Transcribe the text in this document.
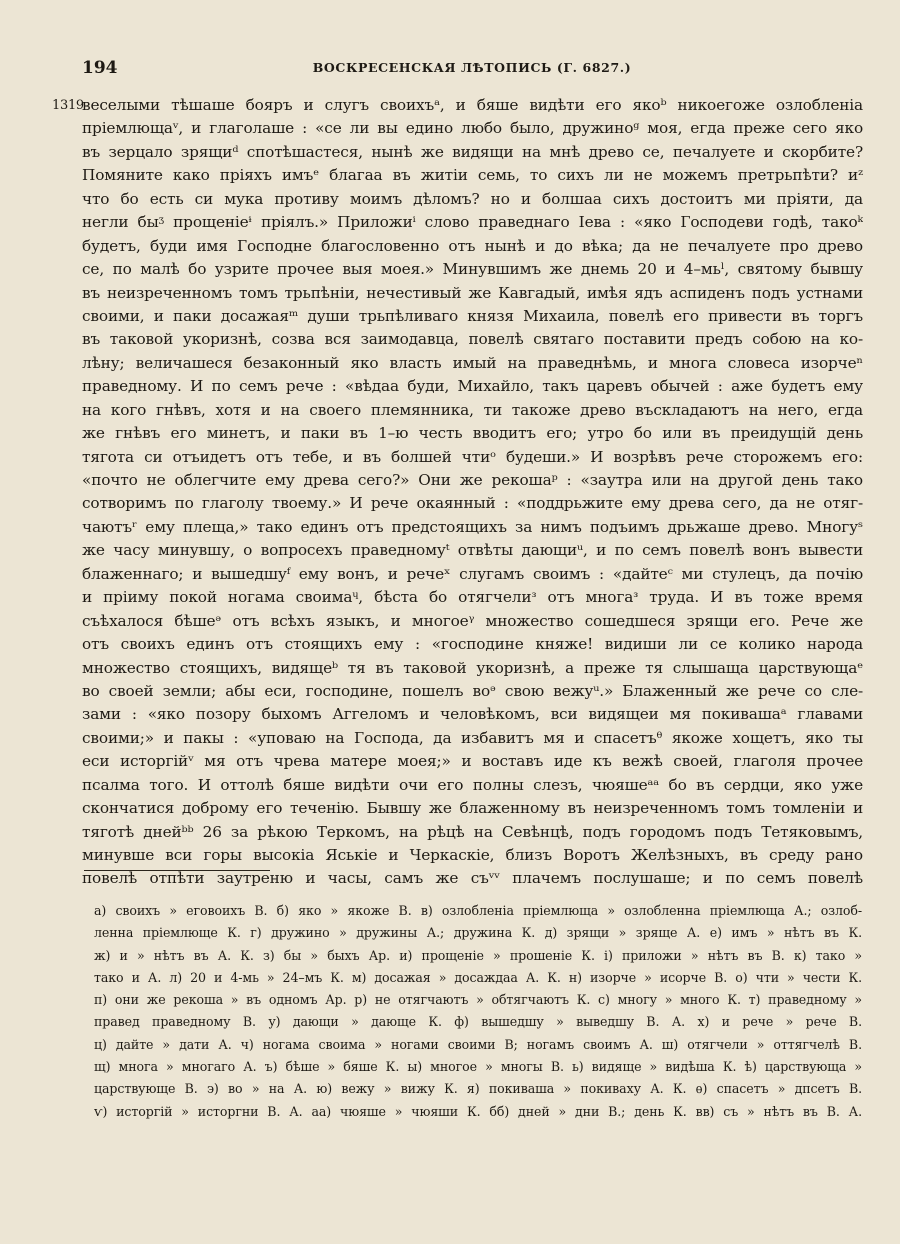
194	ВОСКРЕСЕНСКАЯ ЛѢТОПИСЬ (Г. 6827.)
1319
веселыми тѣшаше бояръ и слугъ своихъᵃ, и бяше видѣти его якоᵇ никоегоже озлобленіа
пріемлющаᵛ, и глаголаше : «се ли вы едино любо было, дружиноᵍ моя, егда преже сего яко
въ зерцало зрящиᵈ спотѣшастеся, нынѣ же видящи на мнѣ древо се, печалуете и скорбите?
Помяните како пріяхъ имъᵉ благаа въ житіи семь, то сихъ ли не можемъ претрьпѣти? иᶻ
что бо есть си мука противу моимъ дѣломъ? но и болшаа сихъ достоитъ ми пріяти, да
негли быᶾ прощеніеᶤ пріялъ.» Приложиⁱ слово праведнаго Іева : «яко Господеви годѣ, такоᵏ
будетъ, буди имя Господне благословенно отъ нынѣ и до вѣка; да не печалуете про древо
се, по малѣ бо узрите прочее выя моея.» Минувшимъ же днемь 20 и 4–мьˡ, святому бывшу
въ неизреченномъ томъ трьпѣніи, нечестивый же Кавгадый, имѣя ядъ аспиденъ подъ устнами
своими, и паки досажаяᵐ души трьпѣливаго князя Михаила, повелѣ его привести въ торгъ
въ таковой укоризнѣ, созва вся заимодавца, повелѣ святаго поставити предъ собою на ко-
лѣну; величашеся безаконный яко власть имый на праведнѣмь, и многа словеса изорчеⁿ
праведному. И по семъ рече : «вѣдаа буди, Михайло, такъ царевъ обычей : аже будетъ ему
на кого гнѣвъ, хотя и на своего племянника, ти такоже древо въскладаютъ на него, егда
же гнѣвъ его минетъ, и паки въ 1–ю честь вводитъ его; утро бо или въ преидущій день
тягота си отъидетъ отъ тебе, и въ болшей чтиᵒ будеши.» И возрѣвъ рече сторожемъ его:
«почто не облегчите ему древа сего?» Они же рекошаᵖ : «заутра или на другой день тако
сотворимъ по глаголу твоему.» И рече окаянный : «поддрьжите ему древа сего, да не отяг-
чаютъʳ ему плеща,» тако единъ отъ предстоящихъ за нимъ подъимъ дрьжаше древо. Многуˢ
же часу минувшу, о вопросехъ праведномуᵗ отвѣты дающиᵘ, и по семъ повелѣ вонъ вывести
блаженнаго; и вышедшуᶠ ему вонъ, и речеˣ слугамъ своимъ : «дайтеᶜ ми стулецъ, да почію
и пріиму покой ногама своимаᶣ, бѣста бо отягчелиᶟ отъ многаᶟ труда. И въ тоже время
съѣхалося бѣшеᵊ отъ всѣхъ языкъ, и многоеᵞ множество сошедшеся зрящи его. Рече же
отъ своихъ единъ отъ стоящихъ ему : «господине княже! видиши ли се колико народа
множество стоящихъ, видящеᵇ тя въ таковой укоризнѣ, а преже тя слышаща царствующаᵉ
во своей земли; абы еси, господине, пошелъ воᵊ свою вежуᵘ.» Блаженный же рече со сле-
зами : «яко позору быхомъ Аггеломъ и человѣкомъ, вси видящеи мя покивашаᵃ главами
своими;» и пакы : «уповаю на Господа, да избавитъ мя и спасетъᶿ якоже хощетъ, яко ты
еси исторгійᵛ мя отъ чрева матере моея;» и воставъ иде къ вежѣ своей, глаголя прочее
псалма того. И оттолѣ бяше видѣти очи его полны слезъ, чюяшеᵃᵃ бо въ сердци, яко уже
скончатися доброму его теченію. Бывшу же блаженному въ неизреченномъ томъ томленіи и
тяготѣ днейᵇᵇ 26 за рѣкою Теркомъ, на рѣцѣ на Севѣнцѣ, подъ городомъ подъ Тетяковымъ,
минувше вси горы высокіа Яськіе и Черкаскіе, близъ Воротъ Желѣзныхъ, въ среду рано
повелѣ отпѣти заутреню и часы, самъ же съᵛᵛ плачемъ послушаше; и по семъ повелѣ
а) своихъ » еговоихъ В. б) яко » якоже В. в) озлобленіа пріемлюща » озлобленна пріемлюща А.; озлоб-
ленна пріемлюще К. г) дружино » дружины А.; дружина К. д) зрящи » зряще А. е) имъ » нѣтъ въ К.
ж) и » нѣтъ въ А. К. з) бы » быхъ Ар. и) прощеніе » прошеніе К. і) приложи » нѣтъ въ В. к) тако »
тако и А. л) 20 и 4-мь » 24–мъ К. м) досажая » досаждаа А. К. н) изорче » исорче В. о) чти » чести К.
п) они же рекоша » въ одномъ Ар. р) не отягчаютъ » обтягчаютъ К. с) многу » много К. т) праведному »
правед праведному В. у) дающи » дающе К. ф) вышедшу » выведшу В. А. х) и рече » рече В.
ц) дайте » дати А. ч) ногама своима » ногами своими В; ногамъ своимъ А. ш) отягчели » оттягчелѣ В.
щ) многа » многаго А. ъ) бѣше » бяше К. ы) многое » многы В. ь) видяще » видѣша К. ѣ) царствующа »
царствующе В. э) во » на А. ю) вежу » вижу К. я) покиваша » покиваху А. К. ѳ) спасетъ » дпсетъ В.
ѵ) исторгій » исторгни В. А. аа) чюяше » чюяши К. бб) дней » дни В.; день К. вв) съ » нѣтъ въ В. А.
